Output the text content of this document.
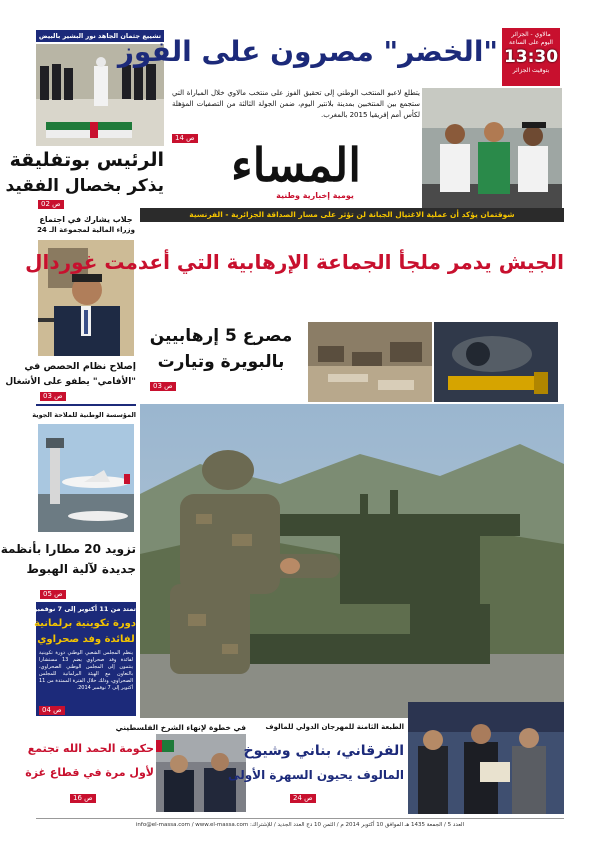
تشييع جثمان الجاهد نور البشير بالبيض
الرئيس بوتفليقة
يذكر بخصال الفقيد
ص 02
مالاوي - الجزائر
اليوم على الساعة
13:30
بتوقيت الجزائر
"الخضر" مصرون على الفوز
يتطلع لاعبو المنتخب الوطني إلى تحقيق الفوز على منتخب مالاوي خلال المباراة التي ستجمع بين المنتخبين بمدينة بلانتير اليوم، ضمن الجولة الثالثة من التصفيات المؤهلة لكأس أمم إفريقيا 2015 بالمغرب.
ص 14 المساء
يومية إخبارية وطنية
شوقتمان يؤكد أن عملية الاغتيال الجبانة لن تؤثر على مسار الصداقة الجزائرية - الفرنسية
جلاب يشارك في اجتماع
وزراء المالية لمجموعة الـ 24
إصلاح نظام الحصص في
"الأفامي" يطفو على الأشغال
ص 03
المؤسسة الوطنية للملاحة الجوية
تزويد 20 مطارا بأنظمة
جديدة لآلية الهبوط
ص 05
تمتد من 11 أكتوبر إلى 7 نوفمبر
دورة تكوينية برلمانية
لفائدة وفد صحراوي
ينظم المجلس الشعبي الوطني دورة تكوينية لفائدة وفد صحراوي يضم 13 مستشارا ينتمون إلى المجلس الوطني الصحراوي، بالتعاون مع الهيئة البرلمانية للمجلس الصحراوي، وذلك خلال الفترة الممتدة من 11 أكتوبر إلى 7 نوفمبر 2014.
ص 04
الجيش يدمر ملجأ الجماعة الإرهابية التي أعدمت غوردال
مصرع 5 إرهابيين
بالبويرة وتيارت
ص 03
في خطوة لإنهاء الشرخ الفلسطيني
حكومة الحمد الله تجتمع
لأول مرة في قطاع غزة
ص 16
الطبعة الثامنة للمهرجان الدولي للمالوف
الفرقاني، بناني وشيوخ
المالوف يحيون السهرة الأولى
ص 24
العدد 5 / الجمعة 1435 هـ الموافق 10 أكتوبر 2014 م / الثمن 10 دج العدد الجديد / للإشتراك: info@el-massa.com / www.el-massa.com
